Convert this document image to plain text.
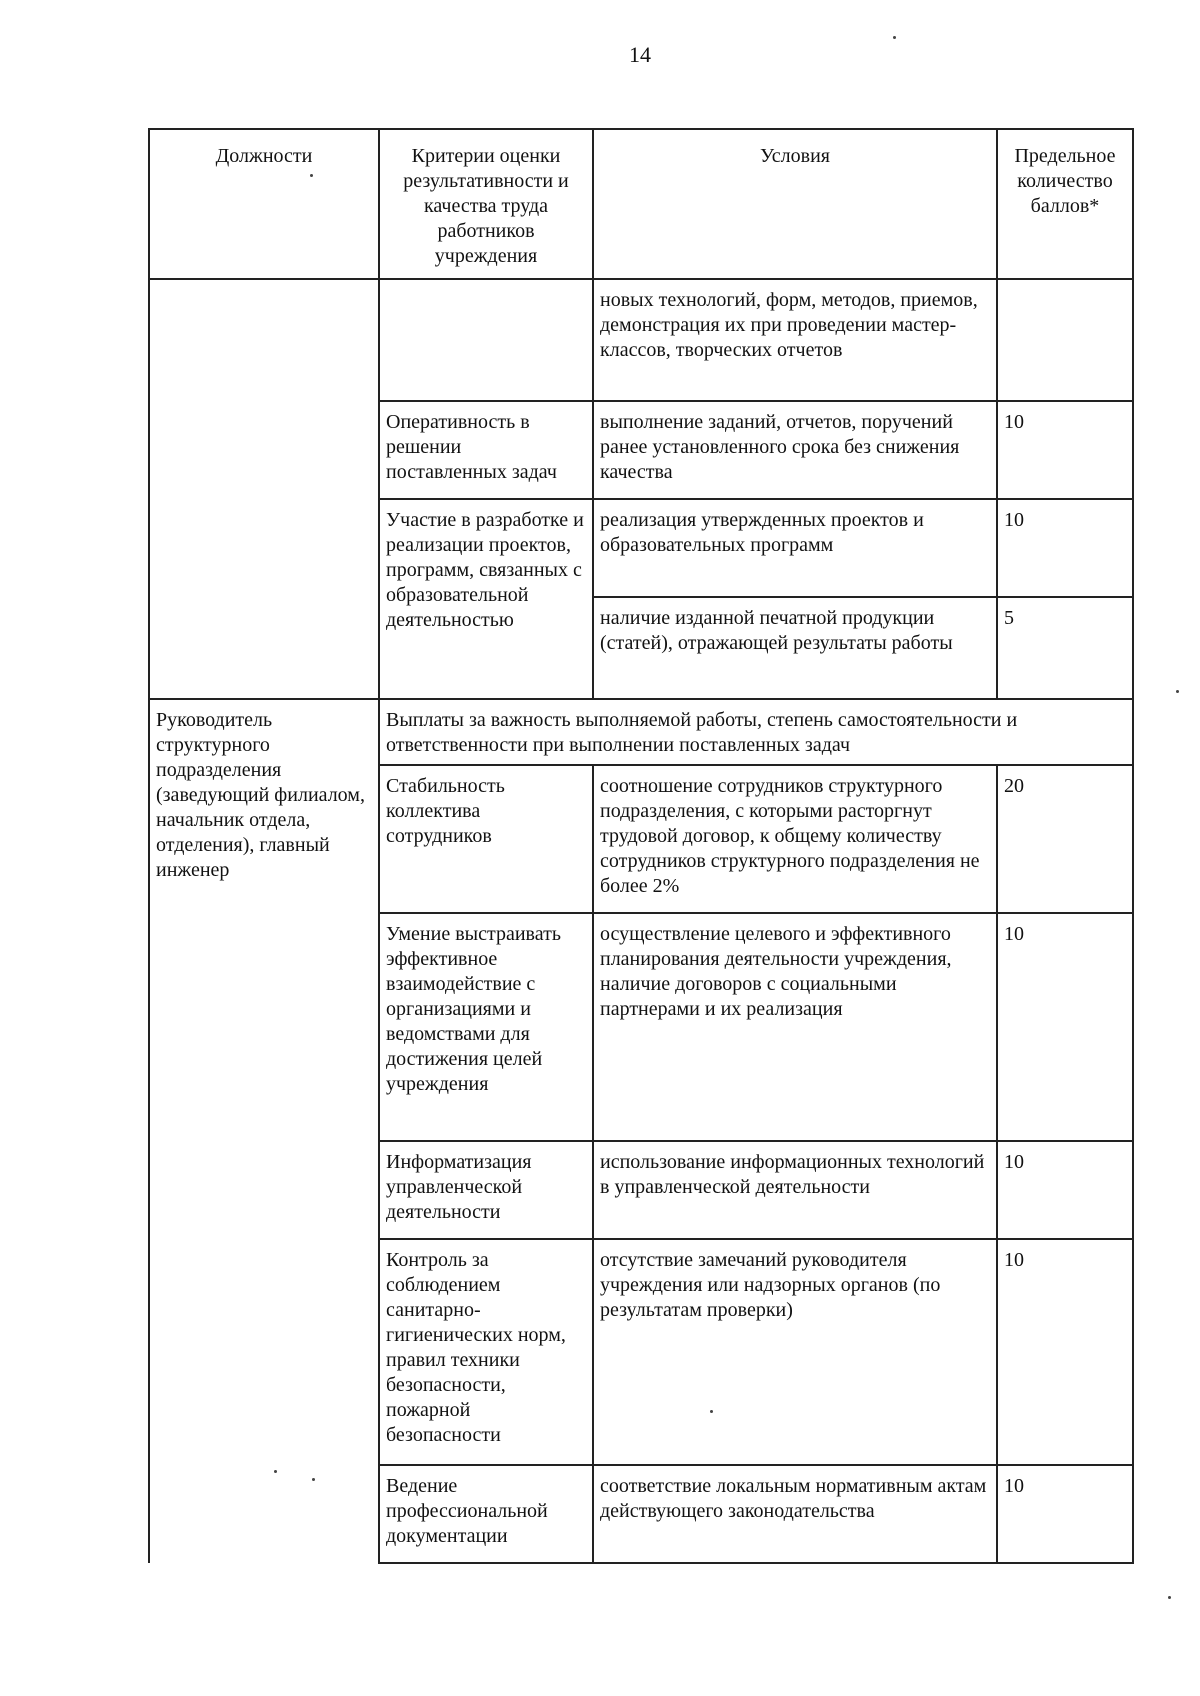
14
Должности	Критерии оценки результативности и качества труда работников учреждения	Условия	Предельное количество баллов*
		новых технологий, форм, методов, приемов, демонстрация их при проведении мастер-классов, творческих отчетов	
	Оперативность в решении поставленных задач	выполнение заданий, отчетов, поручений ранее установленного срока без снижения качества	10
	Участие в разработке и реализации проектов, программ, связанных с образовательной деятельностью	реализация утвержденных проектов и образовательных программ	10
		наличие изданной печатной продукции (статей), отражающей результаты работы	5
Руководитель структурного подразделения (заведующий филиалом, начальник отдела, отделения), главный инженер	Выплаты за важность выполняемой работы, степень самостоятельности и ответственности при выполнении поставленных задач		
	Стабильность коллектива сотрудников	соотношение сотрудников структурного подразделения, с которыми расторгнут трудовой договор, к общему количеству сотрудников структурного подразделения не более 2%	20
	Умение выстраивать эффективное взаимодействие с организациями и ведомствами для достижения целей учреждения	осуществление целевого и эффективного планирования деятельности учреждения, наличие договоров с социальными партнерами и их реализация	10
	Информатизация управленческой деятельности	использование информационных технологий в управленческой деятельности	10
	Контроль за соблюдением санитарно-гигиенических норм, правил техники безопасности, пожарной безопасности	отсутствие замечаний руководителя учреждения или надзорных органов (по результатам проверки)	10
	Ведение профессиональной документации	соответствие локальным нормативным актам действующего законодательства	10
